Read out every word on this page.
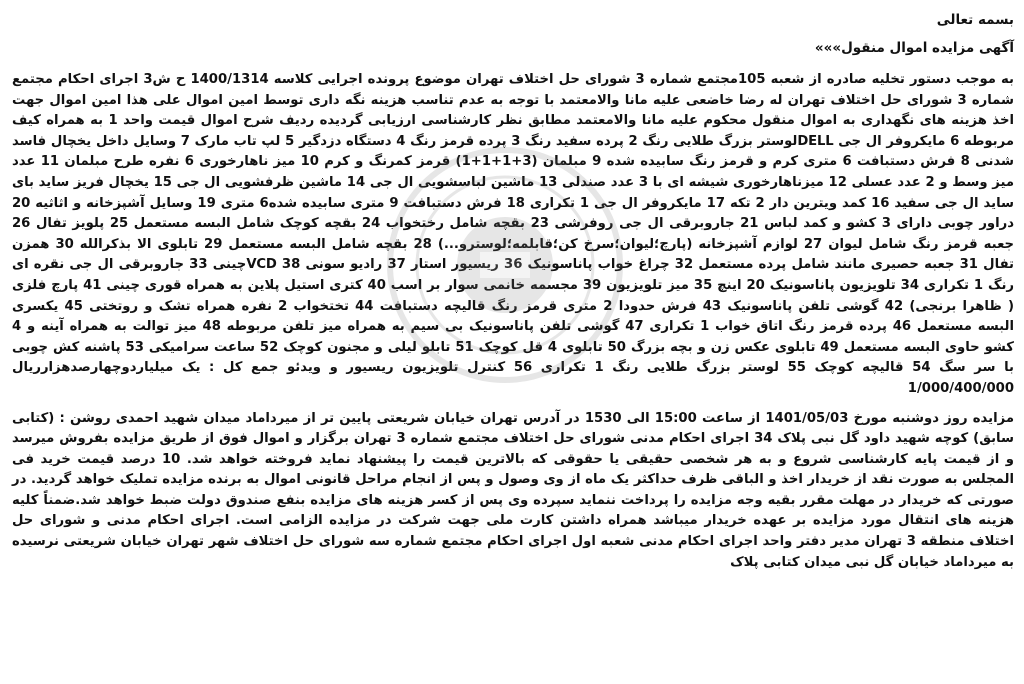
بسمه تعالی

آگهی مزایده اموال منقول»»»

به موجب دستور تخلیه صادره از شعبه 105مجتمع شماره 3 شورای حل اختلاف تهران موضوع پرونده اجرایی کلاسه 1400/1314 ح ش3 اجرای احکام مجتمع شماره 3 شورای حل اختلاف تهران له رضا خاضعی علیه مانا والامعتمد با توجه به عدم تناسب هزینه نگه داری توسط امین اموال علی هذا امین اموال جهت اخذ هزینه های نگهداری به اموال منقول محکوم علیه مانا والامعتمد مطابق نظر کارشناسی ارزیابی گردیده ردیف شرح اموال قیمت واحد 1 به همراه کیف مربوطه 6 مایکروفر ال جی DELLلوستر بزرگ طلایی رنگ 2 پرده سفید رنگ 3 پرده قرمز رنگ 4 دستگاه دزدگیر 5 لپ تاب مارک 7 وسایل داخل یخچال فاسد شدنی 8 فرش دستبافت 6 متری کرم و قرمز رنگ سابیده شده 9 مبلمان (3+1+1+1) قرمز کمرنگ و کرم 10 میز ناهارخوری 6 نفره طرح مبلمان 11 عدد میز وسط و 2 عدد عسلی 12 میزناهارخوری شیشه ای با 3 عدد صندلی 13 ماشین لباسشویی ال جی 14 ماشین ظرفشویی ال جی 15 یخچال فریز ساید بای ساید ال جی سفید 16 کمد ویترین دار 2 تکه 17 مایکروفر ال جی 1 تکراری 18 فرش دستبافت 9 متری سابیده شده6 متری 19 وسایل آشپزخانه و اثاثیه 20 دراور چوبی دارای 3 کشو و کمد لباس 21 جاروبرقی ال جی روفرشی 23 بقچه شامل رختخواب 24 بقچه کوچک شامل البسه مستعمل 25 پلویز تفال 26 جعبه قرمز رنگ شامل لیوان 27 لوازم آشپزخانه (پارچ؛لیوان؛سرخ کن؛قابلمه؛لوسترو...) 28 بقچه شامل البسه مستعمل 29 تابلوی الا بذکرالله 30 همزن تفال 31 جعبه حصیری مانند شامل پرده مستعمل 32 چراغ خواب پاناسونیک 36 ریسیور استار 37 رادیو سونی 38 VCDچینی 33 جاروبرقی ال جی نقره ای رنگ 1 تکراری 34 تلویزیون پاناسونیک 20 اینچ 35 میز تلویزیون 39 مجسمه خانمی سوار بر اسب 40 کتری استیل پلاین به همراه قوری چینی 41 پارچ فلزی ( ظاهرا برنجی) 42 گوشی تلفن پاناسونیک 43 فرش حدودا 2 متری قرمز رنگ قالیچه دستبافت 44 تختخواب 2 نفره همراه تشک و روتختی 45 یکسری البسه مستعمل 46 پرده قرمز رنگ اتاق خواب 1 تکراری 47 گوشی تلفن پاناسونیک بی سیم به همراه میز تلفن مربوطه 48 میز توالت به همراه آینه و 4 کشو حاوی البسه مستعمل 49 تابلوی عکس زن و بچه بزرگ 50 تابلوی 4 قل کوچک 51 تابلو لیلی و مجنون کوچک 52 ساعت سرامیکی 53 پاشنه کش چوبی با سر سگ 54 قالیچه کوچک 55 لوستر بزرگ طلایی رنگ 1 تکراری 56 کنترل تلویزیون ریسیور و ویدئو جمع کل : یک میلیاردوچهارصدهزارریال 1/000/400/000

مزایده روز دوشنبه مورخ 1401/05/03 از ساعت 15:00 الی 1530 در آدرس تهران خیابان شریعتی پایین تر از میرداماد میدان شهید احمدی روشن : (کتابی سابق) کوچه شهید داود گل نبی پلاک 34 اجرای احکام مدنی شورای حل اختلاف مجتمع شماره 3 تهران برگزار و اموال فوق از طریق مزایده بفروش میرسد و از قیمت پایه کارشناسی شروع و به هر شخصی حقیقی یا حقوقی که بالاترین قیمت را پیشنهاد نماید فروخته خواهد شد. 10 درصد قیمت خرید فی المجلس به صورت نقد از خریدار اخذ و الباقی ظرف حداکثر یک ماه از وی وصول و پس از انجام مراحل قانونی اموال به برنده مزایده تملیک خواهد گردید. در صورتی که خریدار در مهلت مقرر بقیه وجه مزایده را پرداخت ننماید سپرده وی پس از کسر هزینه های مزایده بنفع صندوق دولت ضبط خواهد شد.ضمناً کلیه هزینه های انتقال مورد مزایده بر عهده خریدار میباشد همراه داشتن کارت ملی جهت شرکت در مزایده الزامی است. اجرای احکام مدنی و شورای حل اختلاف منطقه 3 تهران مدیر دفتر واحد اجرای احکام مدنی شعبه اول اجرای احکام مجتمع شماره سه شورای حل اختلاف شهر تهران خیابان شریعتی نرسیده به میرداماد خیابان گل نبی میدان کتابی پلاک
